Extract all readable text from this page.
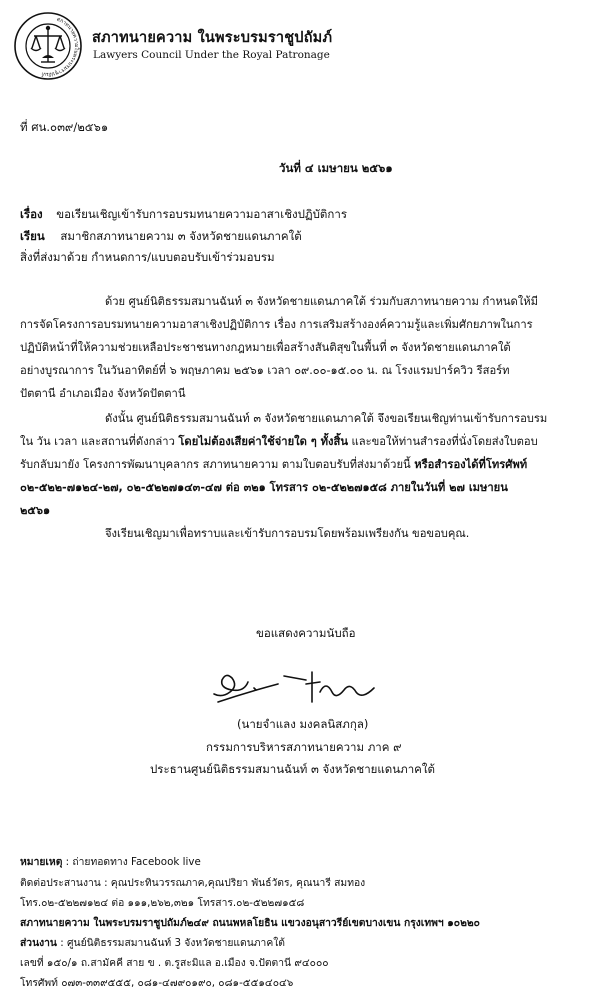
สภาทนายความในพระบรมราชูปถัมภ์
สภาทนายความ ในพระบรมราชูปถัมภ์
Lawyers Council Under the Royal Patronage
ที่ ศน.๐๓๙/๒๕๖๑
วันที่ ๔ เมษายน ๒๕๖๑
เรื่อง ขอเรียนเชิญเข้ารับการอบรมทนายความอาสาเชิงปฏิบัติการ
เรียน สมาชิกสภาทนายความ ๓ จังหวัดชายแดนภาคใต้
สิ่งที่ส่งมาด้วย กำหนดการ/แบบตอบรับเข้าร่วมอบรม
ด้วย ศูนย์นิติธรรมสมานฉันท์ ๓ จังหวัดชายแดนภาคใต้ ร่วมกับสภาทนายความ กำหนดให้มี
การจัดโครงการอบรมทนายความอาสาเชิงปฏิบัติการ เรื่อง การเสริมสร้างองค์ความรู้และเพิ่มศักยภาพในการ
ปฏิบัติหน้าที่ให้ความช่วยเหลือประชาชนทางกฎหมายเพื่อสร้างสันติสุขในพื้นที่ ๓ จังหวัดชายแดนภาคใต้
อย่างบูรณาการ ในวันอาทิตย์ที่ ๖ พฤษภาคม ๒๕๖๑ เวลา ๐๙.๐๐-๑๕.๐๐ น. ณ โรงแรมปาร์ควิว รีสอร์ท
ปัตตานี อำเภอเมือง จังหวัดปัตตานี
ดังนั้น ศูนย์นิติธรรมสมานฉันท์ ๓ จังหวัดชายแดนภาคใต้ จึงขอเรียนเชิญท่านเข้ารับการอบรม
ใน วัน เวลา และสถานที่ดังกล่าว โดยไม่ต้องเสียค่าใช้จ่ายใด ๆ ทั้งสิ้น และขอให้ท่านสำรองที่นั่งโดยส่งใบตอบ
รับกลับมายัง โครงการพัฒนาบุคลากร สภาทนายความ ตามใบตอบรับที่ส่งมาด้วยนี้ หรือสำรองได้ที่โทรศัพท์
๐๒-๕๒๒-๗๑๒๔-๒๗, ๐๒-๕๒๒๗๑๔๓-๔๗ ต่อ ๓๒๑ โทรสาร ๐๒-๕๒๒๗๑๕๘ ภายในวันที่ ๒๗ เมษายน
๒๕๖๑
จึงเรียนเชิญมาเพื่อทราบและเข้ารับการอบรมโดยพร้อมเพรียงกัน ขอขอบคุณ.
ขอแสดงความนับถือ
(นายจำแลง มงคลนิสภกุล)
กรรมการบริหารสภาทนายความ ภาค ๙
ประธานศูนย์นิติธรรมสมานฉันท์ ๓ จังหวัดชายแดนภาคใต้
หมายเหตุ : ถ่ายทอดทาง Facebook live
ติดต่อประสานงาน : คุณประทินวรรณภาค,คุณปริยา พันธ์วัตร, คุณนารี สมทอง
โทร.๐๒-๕๒๒๗๑๒๔ ต่อ ๑๑๑,๒๖๒,๓๒๑ โทรสาร.๐๒-๕๒๒๗๑๕๘
สภาทนายความ ในพระบรมราชูปถัมภ์๒๔๙ ถนนพหลโยธิน แขวงอนุสาวรีย์เขตบางเขน กรุงเทพฯ ๑๐๒๒๐
ส่วนงาน : ศูนย์นิติธรรมสมานฉันท์ 3 จังหวัดชายแดนภาคใต้
เลขที่ ๑๕๐/๑ ถ.สามัคคี สาย ข . ต.รูสะมิแล อ.เมือง จ.ปัตตานี ๙๔๐๐๐
โทรศัพท์ ๐๗๓-๓๓๙๕๕๕, ๐๘๑-๔๗๙๐๑๙๐, ๐๘๑-๕๕๑๔๐๔๖
